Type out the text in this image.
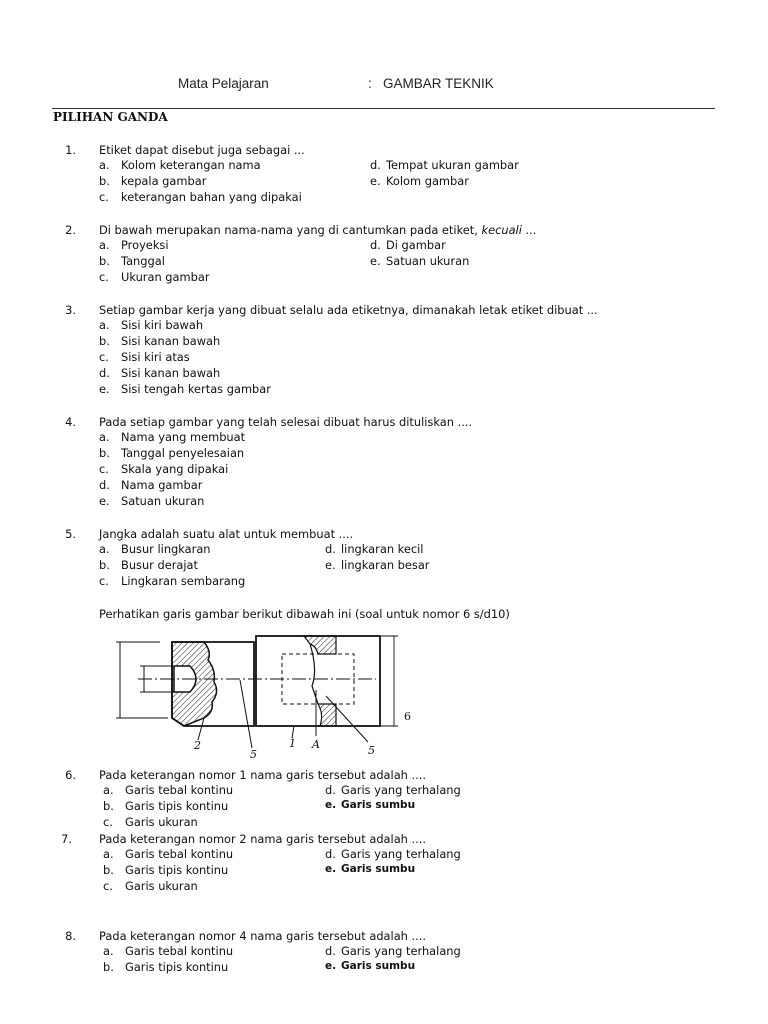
Mata Pelajaran	: GAMBAR TEKNIK
PILIHAN GANDA
1. Etiket dapat disebut juga sebagai ...
a. Kolom keterangan nama
b. kepala gambar
c.	keterangan bahan yang dipakai
d. Tempat ukuran gambar
e. Kolom gambar
2. Di bawah merupakan nama-nama yang di cantumkan pada etiket, kecuali ...
a. Proyeksi
b. Tanggal
c.	Ukuran gambar
d. Di gambar
e. Satuan ukuran
3. Setiap gambar kerja yang dibuat selalu ada etiketnya, dimanakah letak etiket dibuat ...
a. Sisi kiri bawah
b. Sisi kanan bawah
c.	Sisi kiri atas
d. Sisi kanan bawah
e. Sisi tengah kertas gambar
4. Pada setiap gambar yang telah selesai dibuat harus dituliskan ....
a. Nama yang membuat
b. Tanggal penyelesaian
c.	Skala yang dipakai
d. Nama gambar
e. Satuan ukuran
5. Jangka adalah suatu alat untuk membuat ....
a. Busur lingkaran
b. Busur derajat
c.	Lingkaran sembarang
d. lingkaran kecil
e. lingkaran besar
Perhatikan garis gambar berikut dibawah ini (soal untuk nomor 6 s/d10)
2
5
1 A	5
6
6. Pada keterangan nomor 1 nama garis tersebut adalah ....
a. Garis tebal kontinu
b. Garis tipis kontinu
c.	Garis ukuran
d. Garis yang terhalang
e. Garis sumbu
7. Pada keterangan nomor 2 nama garis tersebut adalah ....
a. Garis tebal kontinu
b. Garis tipis kontinu
c.	Garis ukuran
d. Garis yang terhalang
e. Garis sumbu
8. Pada keterangan nomor 4 nama garis tersebut adalah ....
a. Garis tebal kontinu
b. Garis tipis kontinu
d. Garis yang terhalang
e. Garis sumbu
